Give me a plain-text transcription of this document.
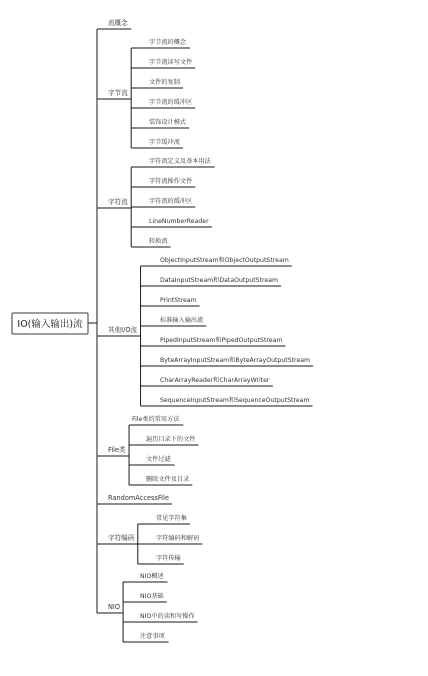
IO(输入输出)流
流概念
字节流
字符流
其他I/O流
File类
RandomAccessFile
字符编码
NIO
字节流的概念
字节流读写文件
文件的复制
字节流的缓冲区
装饰设计模式
字节缓冲流
字符流定义及基本用法
字符流操作文件
字符流的缓冲区
LineNumberReader
转换流
ObjectInputStream和ObjectOutputStream
DataInputStream和DataOutputStream
PrintStream
标准输入输出流
PipedInputStream和PipedOutputStream
ByteArrayInputStream和ByteArrayOutputStream
CharArrayReader和CharArrayWriter
SequenceInputStream和SequenceOutputStream
File类的常用方法
遍历目录下的文件
文件过滤
删除文件及目录
常见字符集
字符编码和解码
字符传输
NIO概述
NIO基础
NIO中的读和写操作
注意事项
